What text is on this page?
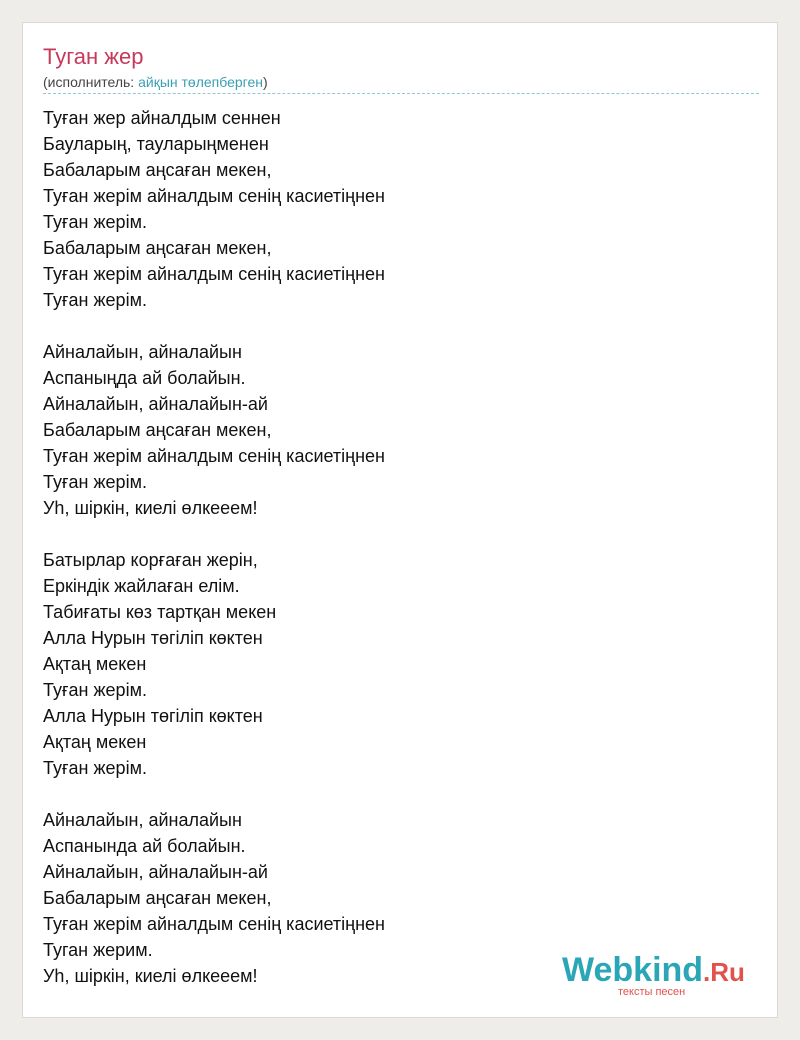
Туган жер
(исполнитель: айқын төлепберген)
Туған жер айналдым сеннен
Бауларың, тауларыңменен
Бабаларым аңсаған мекен,
Туған жерім айналдым сенің касиетіңнен
Туған жерім.
Бабаларым аңсаған мекен,
Туған жерім айналдым сенің касиетіңнен
Туған жерім.
Айналайын, айналайын
Аспаныңда ай болайын.
Айналайын, айналайын-ай
Бабаларым аңсаған мекен,
Туған жерім айналдым сенің касиетіңнен
Туған жерім.
Уһ, шіркін, киелі өлкееем!
Батырлар корғаған жерін,
Еркіндік жайлаған елім.
Табиғаты көз тартқан мекен
Алла Нурын төгіліп көктен
Ақтаң мекен
Туған жерім.
Алла Нурын төгіліп көктен
Ақтаң мекен
Туған жерім.
Айналайын, айналайын
Аспанында ай болайын.
Айналайын, айналайын-ай
Бабаларым аңсаған мекен,
Туған жерім айналдым сенің касиетіңнен
Туган жерим.
Уһ, шіркін, киелі өлкееем!	Webkind.Ru
тексты песен
